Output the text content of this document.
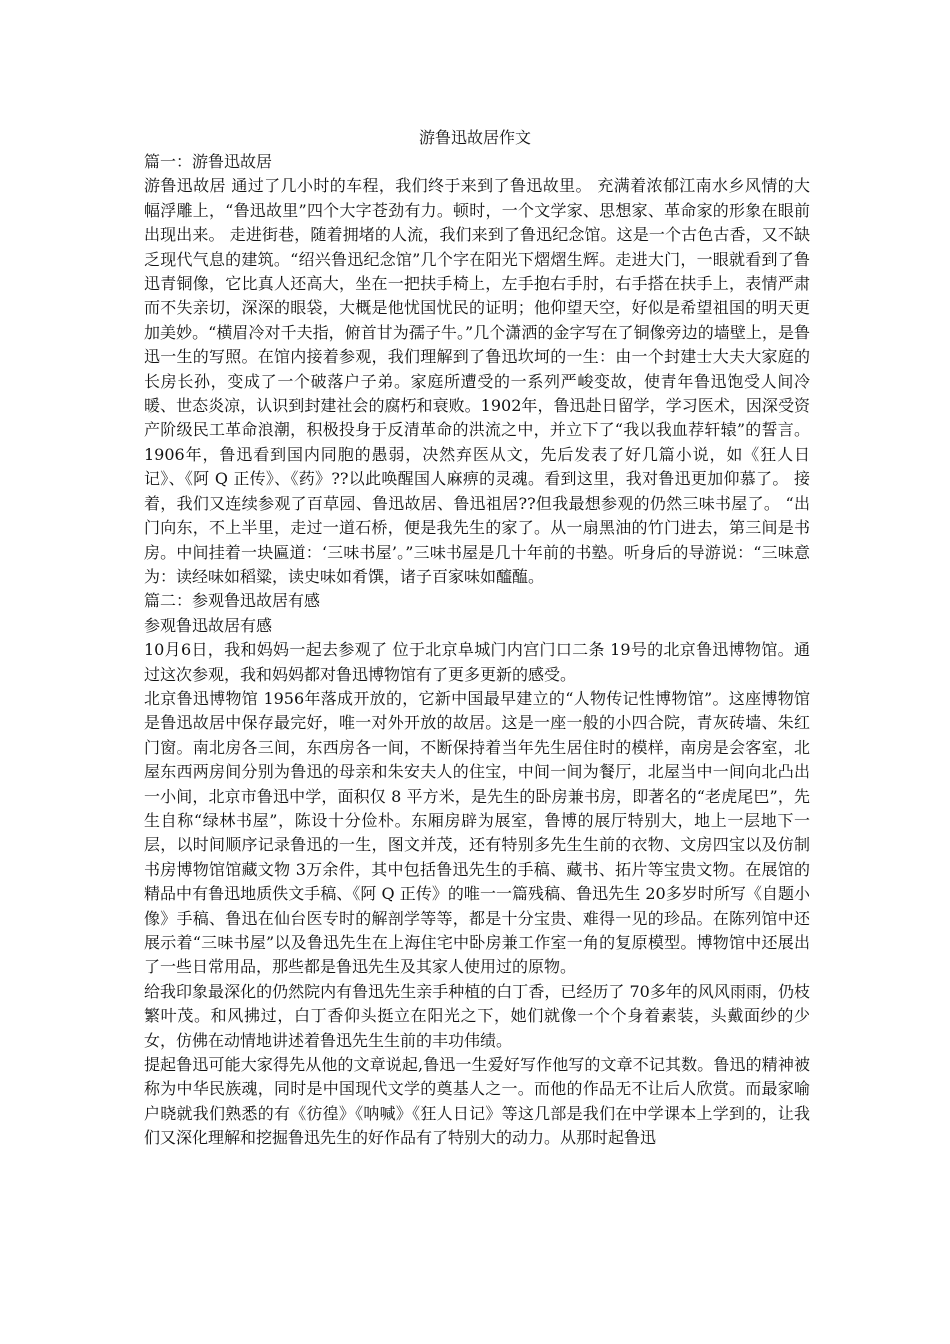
游鲁迅故居作文

篇一：游鲁迅故居

游鲁迅故居 通过了几小时的车程，我们终于来到了鲁迅故里。 充满着浓郁江南水乡风情的大幅浮雕上，“鲁迅故里”四个大字苍劲有力。顿时，一个文学家、思想家、革命家的形象在眼前出现出来。 走进街巷，随着拥堵的人流，我们来到了鲁迅纪念馆。这是一个古色古香，又不缺乏现代气息的建筑。“绍兴鲁迅纪念馆”几个字在阳光下熠熠生辉。走进大门，一眼就看到了鲁迅青铜像，它比真人还高大，坐在一把扶手椅上，左手抱右手肘，右手搭在扶手上，表情严肃而不失亲切，深深的眼袋，大概是他忧国忧民的证明；他仰望天空，好似是希望祖国的明天更加美妙。“横眉冷对千夫指，俯首甘为孺子牛。”几个潇洒的金字写在了铜像旁边的墙壁上，是鲁迅一生的写照。在馆内接着参观，我们理解到了鲁迅坎坷的一生：由一个封建士大夫大家庭的长房长孙，变成了一个破落户子弟。家庭所遭受的一系列严峻变故，使青年鲁迅饱受人间冷暖、世态炎凉，认识到封建社会的腐朽和衰败。1902年，鲁迅赴日留学，学习医术，因深受资产阶级民工革命浪潮，积极投身于反清革命的洪流之中，并立下了“我以我血荐轩辕”的誓言。1906年，鲁迅看到国内同胞的愚弱，决然弃医从文，先后发表了好几篇小说，如《狂人日记》、《阿 Q 正传》、《药》??以此唤醒国人麻痹的灵魂。看到这里，我对鲁迅更加仰慕了。 接着，我们又连续参观了百草园、鲁迅故居、鲁迅祖居??但我最想参观的仍然三味书屋了。 “出门向东，不上半里，走过一道石桥，便是我先生的家了。从一扇黑油的竹门进去，第三间是书房。中间挂着一块匾道：‘三味书屋’。”三味书屋是几十年前的书塾。听身后的导游说：“三味意为：读经味如稻粱，读史味如肴馔，诸子百家味如醯醢。

篇二：参观鲁迅故居有感

参观鲁迅故居有感

10月6日，我和妈妈一起去参观了 位于北京阜城门内宫门口二条 19号的北京鲁迅博物馆。通过这次参观，我和妈妈都对鲁迅博物馆有了更多更新的感受。

北京鲁迅博物馆 1956年落成开放的，它新中国最早建立的“人物传记性博物馆”。这座博物馆是鲁迅故居中保存最完好，唯一对外开放的故居。这是一座一般的小四合院，青灰砖墙、朱红门窗。南北房各三间，东西房各一间，不断保持着当年先生居住时的模样，南房是会客室，北屋东西两房间分别为鲁迅的母亲和朱安夫人的住宝，中间一间为餐厅，北屋当中一间向北凸出一小间，北京市鲁迅中学，面积仅 8 平方米，是先生的卧房兼书房，即著名的“老虎尾巴”，先生自称“绿林书屋”，陈设十分俭朴。东厢房辟为展室，鲁博的展厅特别大，地上一层地下一层，以时间顺序记录鲁迅的一生，图文并茂，还有特别多先生生前的衣物、文房四宝以及仿制书房博物馆馆藏文物 3万余件，其中包括鲁迅先生的手稿、藏书、拓片等宝贵文物。在展馆的精品中有鲁迅地质佚文手稿、《阿 Q 正传》的唯一一篇残稿、鲁迅先生 20多岁时所写《自题小像》手稿、鲁迅在仙台医专时的解剖学等等，都是十分宝贵、难得一见的珍品。在陈列馆中还展示着“三味书屋”以及鲁迅先生在上海住宅中卧房兼工作室一角的复原模型。博物馆中还展出了一些日常用品，那些都是鲁迅先生及其家人使用过的原物。

给我印象最深化的仍然院内有鲁迅先生亲手种植的白丁香，已经历了 70多年的风风雨雨，仍枝繁叶茂。和风拂过，白丁香仰头挺立在阳光之下，她们就像一个个身着素装，头戴面纱的少女，仿佛在动情地讲述着鲁迅先生生前的丰功伟绩。

提起鲁迅可能大家得先从他的文章说起,鲁迅一生爱好写作他写的文章不记其数。鲁迅的精神被称为中华民族魂，同时是中国现代文学的奠基人之一。而他的作品无不让后人欣赏。而最家喻户晓就我们熟悉的有《彷徨》《呐喊》《狂人日记》等这几部是我们在中学课本上学到的，让我们又深化理解和挖掘鲁迅先生的好作品有了特别大的动力。从那时起鲁迅
